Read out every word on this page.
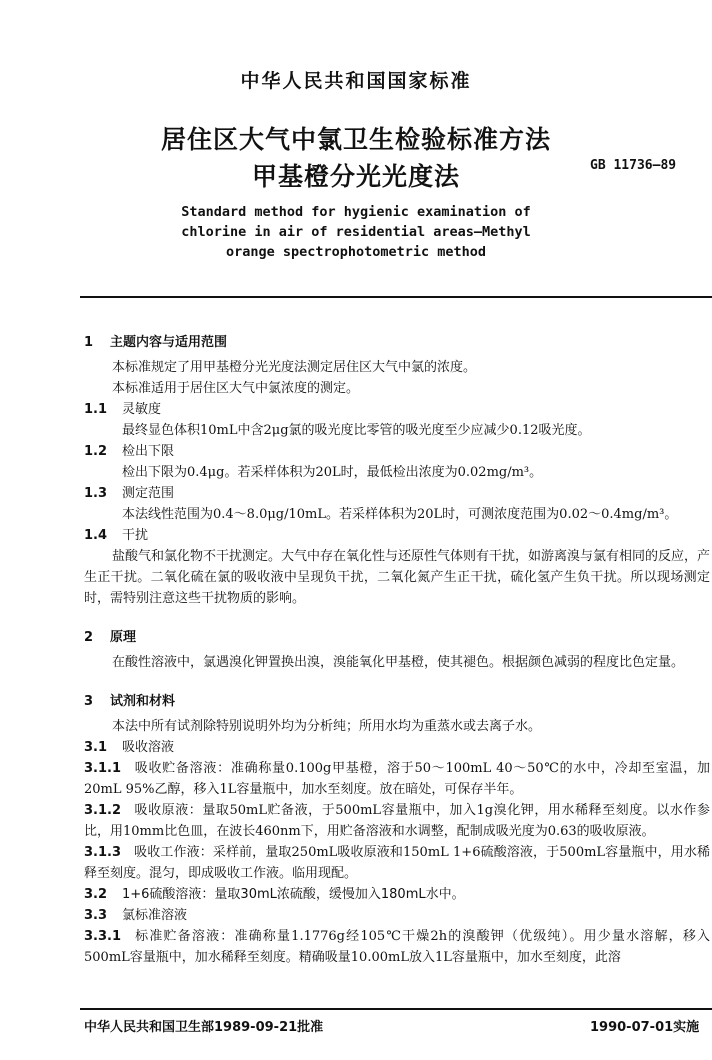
中华人民共和国国家标准
居住区大气中氯卫生检验标准方法
甲基橙分光光度法	GB 11736—89
Standard method for hygienic examination of
chlorine in air of residential areas—Methyl
orange spectrophotometric method
1 主题内容与适用范围
本标准规定了用甲基橙分光光度法测定居住区大气中氯的浓度。
本标准适用于居住区大气中氯浓度的测定。
1.1 灵敏度
最终显色体积10mL中含2μg氯的吸光度比零管的吸光度至少应减少0.12吸光度。
1.2 检出下限
检出下限为0.4μg。若采样体积为20L时，最低检出浓度为0.02mg/m³。
1.3 测定范围
本法线性范围为0.4～8.0μg/10mL。若采样体积为20L时，可测浓度范围为0.02～0.4mg/m³。
1.4 干扰
盐酸气和氯化物不干扰测定。大气中存在氧化性与还原性气体则有干扰，如游离溴与氯有相同的反应，产生正干扰。二氧化硫在氯的吸收液中呈现负干扰，二氧化氮产生正干扰，硫化氢产生负干扰。所以现场测定时，需特别注意这些干扰物质的影响。
2 原理
在酸性溶液中，氯遇溴化钾置换出溴，溴能氧化甲基橙，使其褪色。根据颜色减弱的程度比色定量。
3 试剂和材料
本法中所有试剂除特别说明外均为分析纯；所用水均为重蒸水或去离子水。
3.1 吸收溶液
3.1.1 吸收贮备溶液：准确称量0.100g甲基橙，溶于50～100mL 40～50℃的水中，冷却至室温，加20mL 95%乙醇，移入1L容量瓶中，加水至刻度。放在暗处，可保存半年。
3.1.2 吸收原液：量取50mL贮备液，于500mL容量瓶中，加入1g溴化钾，用水稀释至刻度。以水作参比，用10mm比色皿，在波长460nm下，用贮备溶液和水调整，配制成吸光度为0.63的吸收原液。
3.1.3 吸收工作液：采样前，量取250mL吸收原液和150mL 1+6硫酸溶液，于500mL容量瓶中，用水稀释至刻度。混匀，即成吸收工作液。临用现配。
3.2 1+6硫酸溶液：量取30mL浓硫酸，缓慢加入180mL水中。
3.3 氯标准溶液
3.3.1 标准贮备溶液：准确称量1.1776g经105℃干燥2h的溴酸钾（优级纯）。用少量水溶解，移入500mL容量瓶中，加水稀释至刻度。精确吸量10.00mL放入1L容量瓶中，加水至刻度，此溶
中华人民共和国卫生部1989-09-21批准	1990-07-01实施
